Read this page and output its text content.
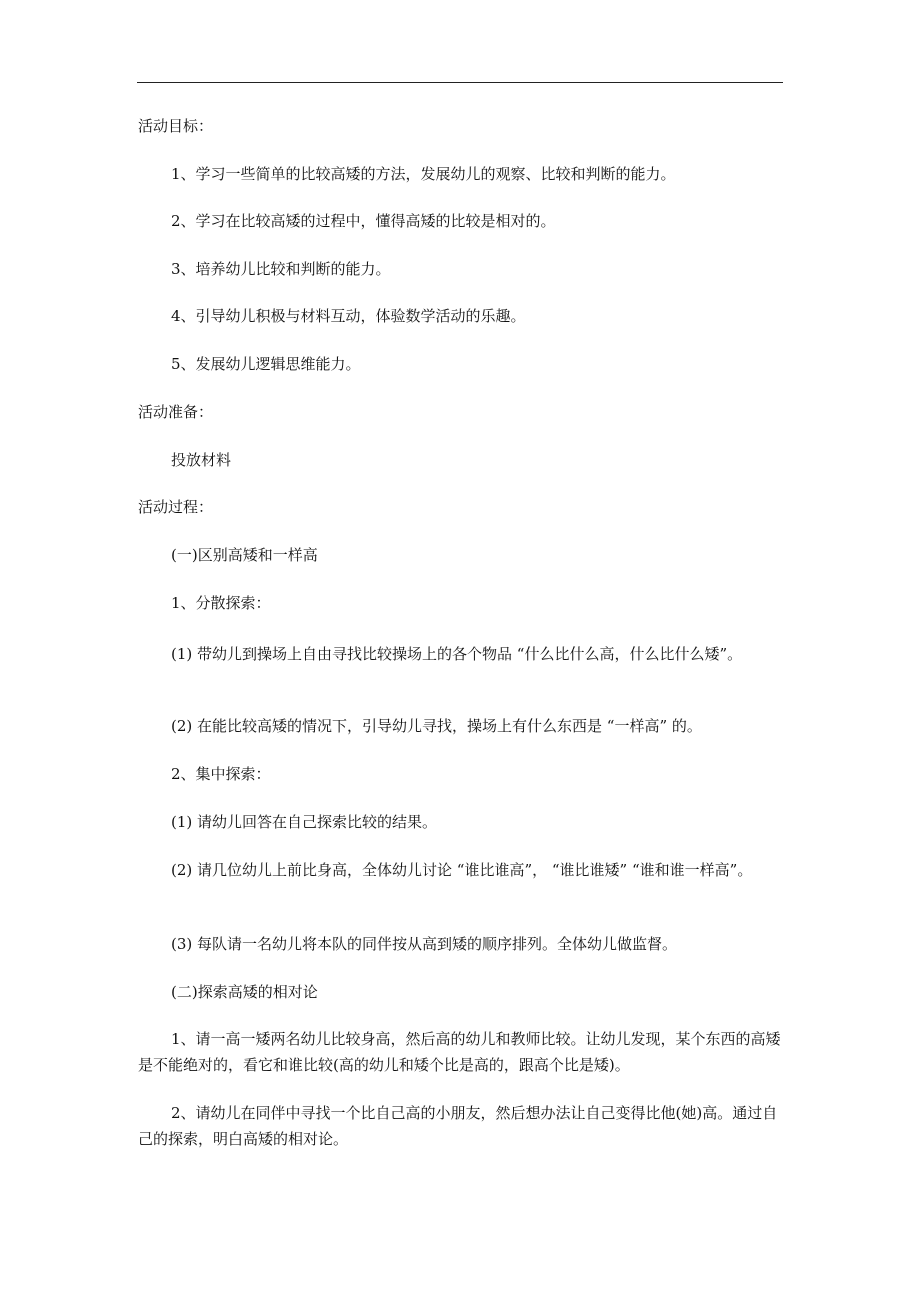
活动目标：
1、学习一些简单的比较高矮的方法，发展幼儿的观察、比较和判断的能力。
2、学习在比较高矮的过程中，懂得高矮的比较是相对的。
3、培养幼儿比较和判断的能力。
4、引导幼儿积极与材料互动，体验数学活动的乐趣。
5、发展幼儿逻辑思维能力。
活动准备：
投放材料
活动过程：
(一)区别高矮和一样高
1、分散探索：
(1) 带幼儿到操场上自由寻找比较操场上的各个物品 “什么比什么高，什么比什么矮”。
(2) 在能比较高矮的情况下，引导幼儿寻找，操场上有什么东西是 “一样高” 的。
2、集中探索：
(1) 请幼儿回答在自己探索比较的结果。
(2) 请几位幼儿上前比身高，全体幼儿讨论 “谁比谁高”， “谁比谁矮” “谁和谁一样高”。
(3) 每队请一名幼儿将本队的同伴按从高到矮的顺序排列。全体幼儿做监督。
(二)探索高矮的相对论
1、请一高一矮两名幼儿比较身高，然后高的幼儿和教师比较。让幼儿发现，某个东西的高矮是不能绝对的，看它和谁比较(高的幼儿和矮个比是高的，跟高个比是矮)。
2、请幼儿在同伴中寻找一个比自己高的小朋友，然后想办法让自己变得比他(她)高。通过自己的探索，明白高矮的相对论。
